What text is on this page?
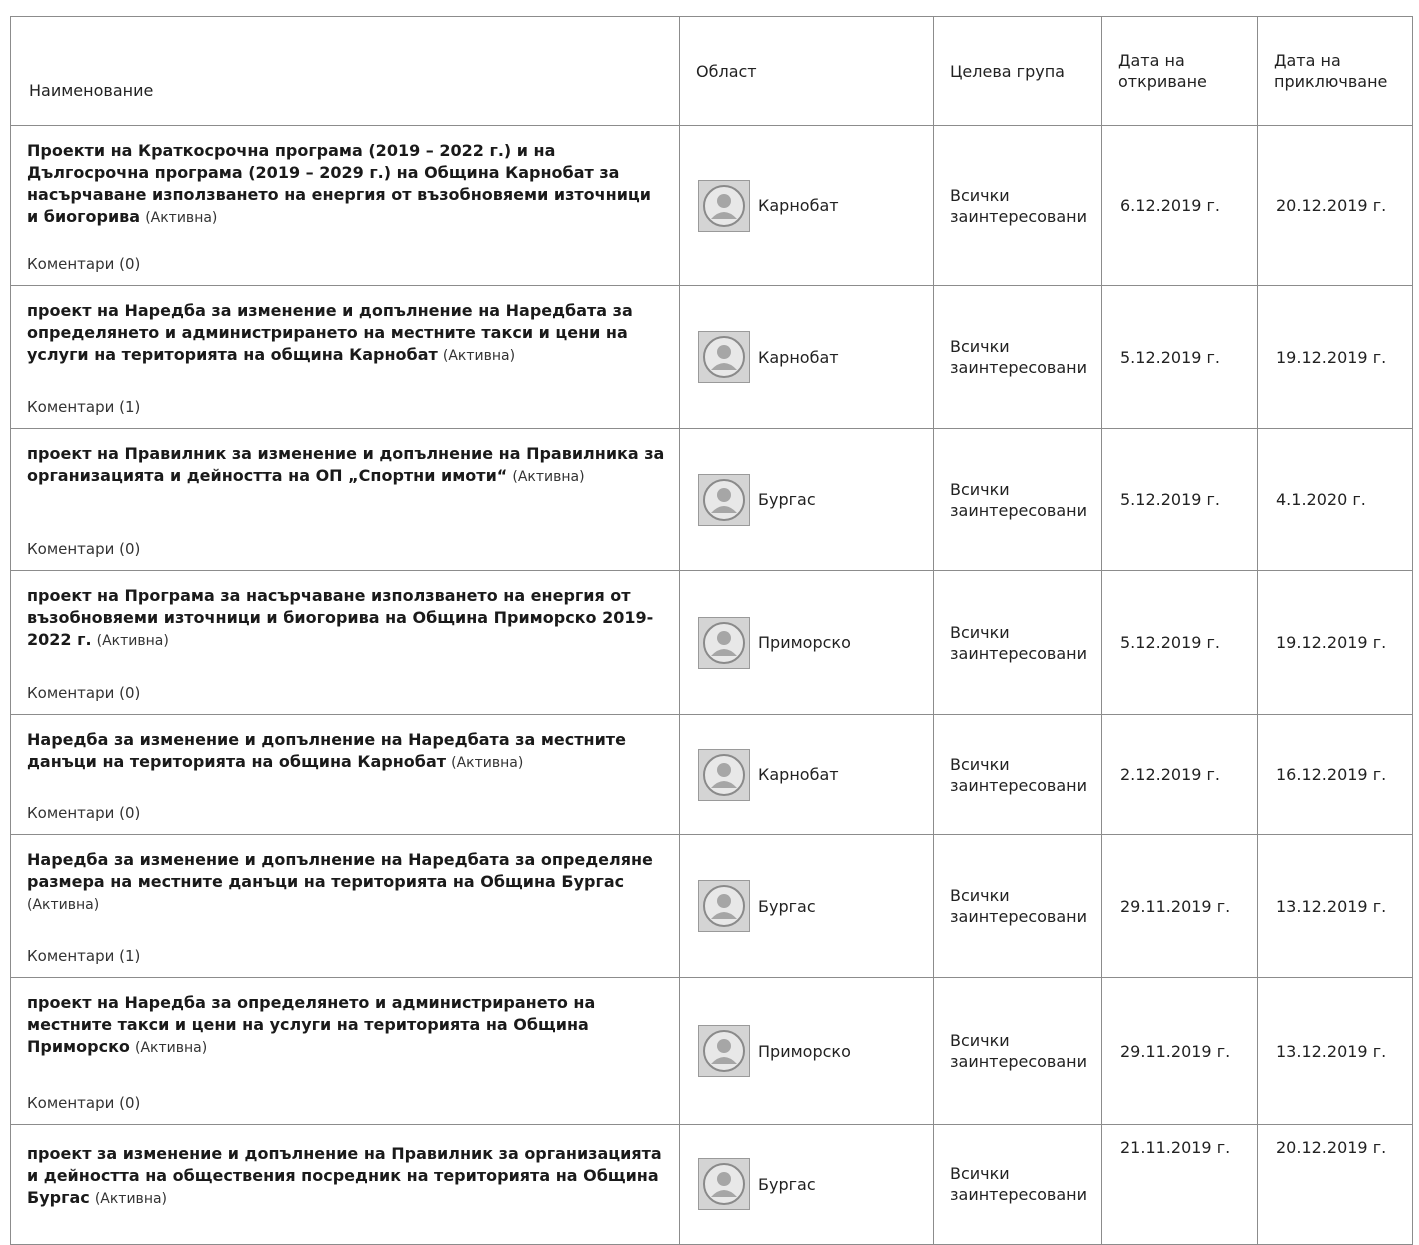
Наименование	Област	Целева група	Дата на откриване	Дата на приключване
Проекти на Краткосрочна програма (2019 – 2022 г.) и на Дългосрочна програма (2019 – 2029 г.) на Община Карнобат за насърчаване използването на енергия от възобновяеми източници и биогорива (Активна)
Коментари (0)	Карнобат	Всички заинтересовани	6.12.2019 г.	20.12.2019 г.
проект на Наредба за изменение и допълнение на Наредбата за определянето и администрирането на местните такси и цени на услуги на територията на община Карнобат (Активна)
Коментари (1)	Карнобат	Всички заинтересовани	5.12.2019 г.	19.12.2019 г.
проект на Правилник за изменение и допълнение на Правилника за организацията и дейността на ОП „Спортни имоти“ (Активна)
Коментари (0)	Бургас	Всички заинтересовани	5.12.2019 г.	4.1.2020 г.
проект на Програма за насърчаване използването на енергия от възобновяеми източници и биогорива на Община Приморско 2019-2022 г. (Активна)
Коментари (0)	Приморско	Всички заинтересовани	5.12.2019 г.	19.12.2019 г.
Наредба за изменение и допълнение на Наредбата за местните данъци на територията на община Карнобат (Активна)
Коментари (0)	Карнобат	Всички заинтересовани	2.12.2019 г.	16.12.2019 г.
Наредба за изменение и допълнение на Наредбата за определяне размера на местните данъци на територията на Община Бургас (Активна)
Коментари (1)	Бургас	Всички заинтересовани	29.11.2019 г.	13.12.2019 г.
проект на Наредба за определянето и администрирането на местните такси и цени на услуги на територията на Община Приморско (Активна)
Коментари (0)	Приморско	Всички заинтересовани	29.11.2019 г.	13.12.2019 г.
проект за изменение и допълнение на Правилник за организацията и дейността на обществения посредник на територията на Община Бургас (Активна)	Бургас	Всички заинтересовани	21.11.2019 г.	20.12.2019 г.
